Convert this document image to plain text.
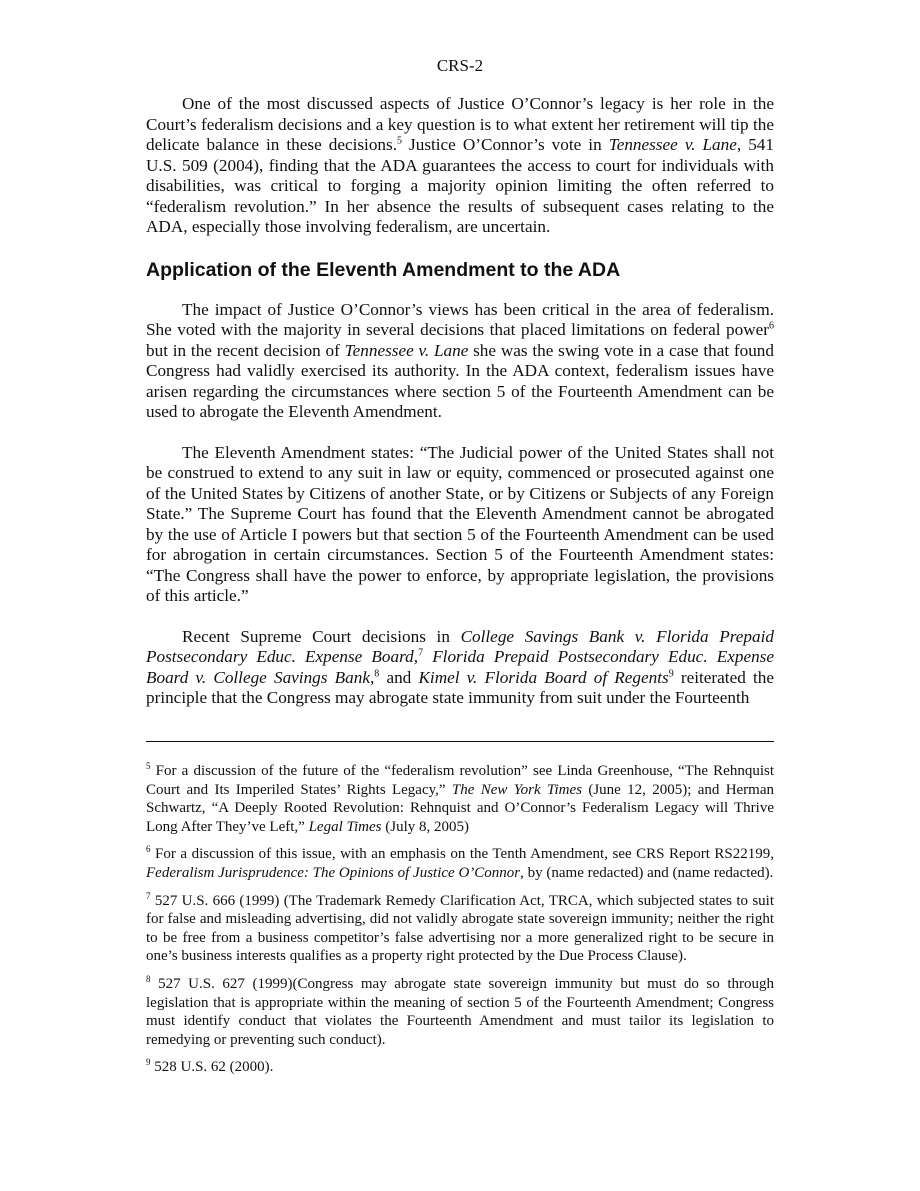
CRS-2

One of the most discussed aspects of Justice O’Connor’s legacy is her role in the Court’s federalism decisions and a key question is to what extent her retirement will tip the delicate balance in these decisions.$^5$ Justice O’Connor’s vote in Tennessee v. Lane, 541 U.S. 509 (2004), finding that the ADA guarantees the access to court for individuals with disabilities, was critical to forging a majority opinion limiting the often referred to “federalism revolution.” In her absence the results of subsequent cases relating to the ADA, especially those involving federalism, are uncertain.

Application of the Eleventh Amendment to the ADA

The impact of Justice O’Connor’s views has been critical in the area of federalism. She voted with the majority in several decisions that placed limitations on federal power$^6$ but in the recent decision of Tennessee v. Lane she was the swing vote in a case that found Congress had validly exercised its authority. In the ADA context, federalism issues have arisen regarding the circumstances where section 5 of the Fourteenth Amendment can be used to abrogate the Eleventh Amendment.

The Eleventh Amendment states: “The Judicial power of the United States shall not be construed to extend to any suit in law or equity, commenced or prosecuted against one of the United States by Citizens of another State, or by Citizens or Subjects of any Foreign State.” The Supreme Court has found that the Eleventh Amendment cannot be abrogated by the use of Article I powers but that section 5 of the Fourteenth Amendment can be used for abrogation in certain circumstances. Section 5 of the Fourteenth Amendment states: “The Congress shall have the power to enforce, by appropriate legislation, the provisions of this article.”

Recent Supreme Court decisions in College Savings Bank v. Florida Prepaid Postsecondary Educ. Expense Board,$^7$ Florida Prepaid Postsecondary Educ. Expense Board v. College Savings Bank,$^8$ and Kimel v. Florida Board of Regents$^9$ reiterated the principle that the Congress may abrogate state immunity from suit under the Fourteenth

$^5$ For a discussion of the future of the “federalism revolution” see Linda Greenhouse, “The Rehnquist Court and Its Imperiled States’ Rights Legacy,” The New York Times (June 12, 2005); and Herman Schwartz, “A Deeply Rooted Revolution: Rehnquist and O’Connor’s Federalism Legacy will Thrive Long After They’ve Left,” Legal Times (July 8, 2005)

$^6$ For a discussion of this issue, with an emphasis on the Tenth Amendment, see CRS Report RS22199, Federalism Jurisprudence: The Opinions of Justice O’Connor, by (name redacted) and (name redacted).

$^7$ 527 U.S. 666 (1999) (The Trademark Remedy Clarification Act, TRCA, which subjected states to suit for false and misleading advertising, did not validly abrogate state sovereign immunity; neither the right to be free from a business competitor’s false advertising nor a more generalized right to be secure in one’s business interests qualifies as a property right protected by the Due Process Clause).

$^8$ 527 U.S. 627 (1999)(Congress may abrogate state sovereign immunity but must do so through legislation that is appropriate within the meaning of section 5 of the Fourteenth Amendment; Congress must identify conduct that violates the Fourteenth Amendment and must tailor its legislation to remedying or preventing such conduct).

$^9$ 528 U.S. 62 (2000).
